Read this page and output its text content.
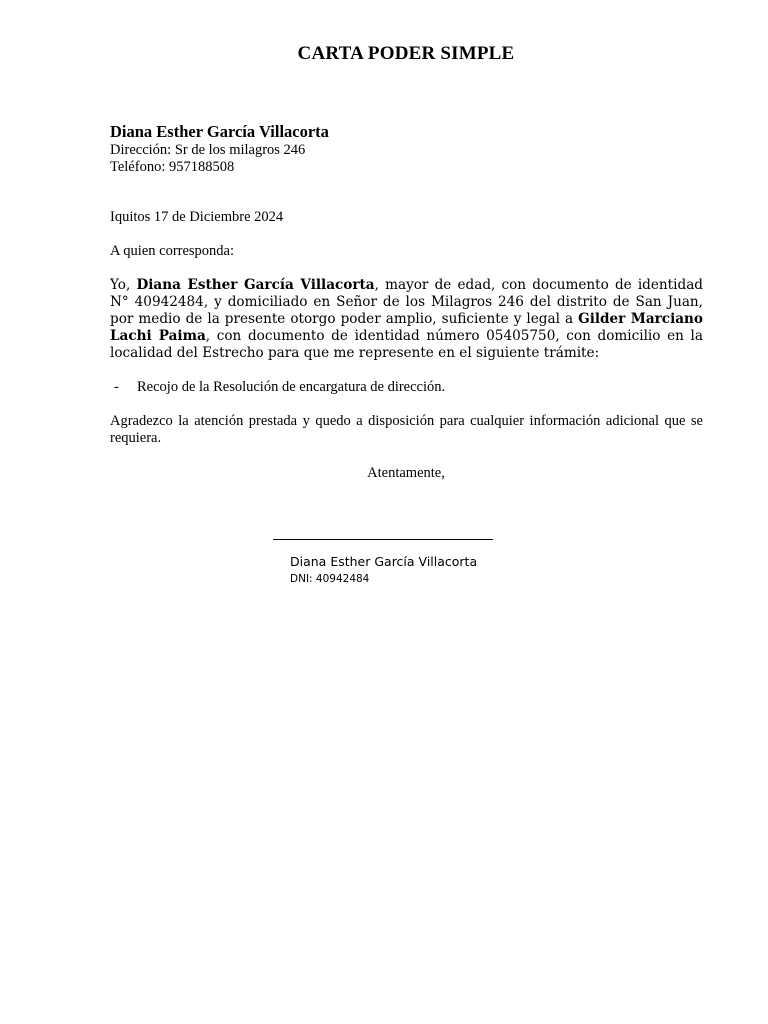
CARTA PODER SIMPLE
Diana Esther García Villacorta
Dirección: Sr de los milagros 246
Teléfono: 957188508
Iquitos 17 de Diciembre 2024
A quien corresponda:
Yo, Diana Esther García Villacorta, mayor de edad, con documento de identidad N° 40942484, y domiciliado en Señor de los Milagros 246 del distrito de San Juan, por medio de la presente otorgo poder amplio, suficiente y legal a Gilder Marciano Lachi Paima, con documento de identidad número 05405750, con domicilio en la localidad del Estrecho para que me represente en el siguiente trámite:
- Recojo de la Resolución de encargatura de dirección.
Agradezco la atención prestada y quedo a disposición para cualquier información adicional que se requiera.
Atentamente,
Diana Esther García Villacorta
DNI: 40942484
